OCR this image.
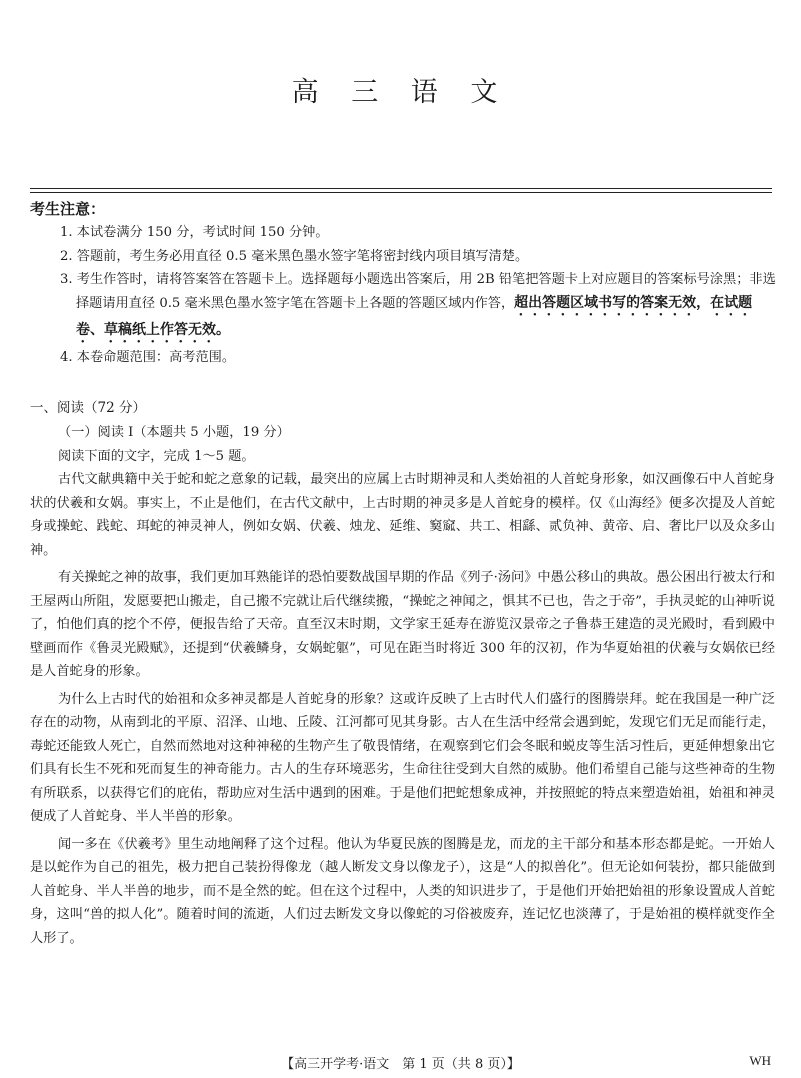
高 三 语 文
考生注意：

1. 本试卷满分 150 分，考试时间 150 分钟。

2. 答题前，考生务必用直径 0.5 毫米黑色墨水签字笔将密封线内项目填写清楚。

3. 考生作答时，请将答案答在答题卡上。选择题每小题选出答案后，用 2B 铅笔把答题卡上对应题目的答案标号涂黑；非选择题请用直径 0.5 毫米黑色墨水签字笔在答题卡上各题的答题区域内作答，超出答题区域书写的答案无效，在试题卷、草稿纸上作答无效。

4. 本卷命题范围：高考范围。

一、阅读（72 分）

（一）阅读 Ⅰ（本题共 5 小题，19 分）

阅读下面的文字，完成 1～5 题。

古代文献典籍中关于蛇和蛇之意象的记载，最突出的应属上古时期神灵和人类始祖的人首蛇身形象，如汉画像石中人首蛇身状的伏羲和女娲。事实上，不止是他们，在古代文献中，上古时期的神灵多是人首蛇身的模样。仅《山海经》便多次提及人首蛇身或操蛇、践蛇、珥蛇的神灵神人，例如女娲、伏羲、烛龙、延维、窫窳、共工、相繇、贰负神、黄帝、启、奢比尸以及众多山神。

有关操蛇之神的故事，我们更加耳熟能详的恐怕要数战国早期的作品《列子·汤问》中愚公移山的典故。愚公困出行被太行和王屋两山所阻，发愿要把山搬走，自己搬不完就让后代继续搬，“操蛇之神闻之，惧其不已也，告之于帝”，手执灵蛇的山神听说了，怕他们真的挖个不停，便报告给了天帝。直至汉末时期，文学家王延寿在游览汉景帝之子鲁恭王建造的灵光殿时，看到殿中壁画而作《鲁灵光殿赋》，还提到“伏羲鳞身，女娲蛇躯”，可见在距当时将近 300 年的汉初，作为华夏始祖的伏羲与女娲依已经是人首蛇身的形象。

为什么上古时代的始祖和众多神灵都是人首蛇身的形象？这或许反映了上古时代人们盛行的图腾崇拜。蛇在我国是一种广泛存在的动物，从南到北的平原、沼泽、山地、丘陵、江河都可见其身影。古人在生活中经常会遇到蛇，发现它们无足而能行走，毒蛇还能致人死亡，自然而然地对这种神秘的生物产生了敬畏情绪，在观察到它们会冬眠和蜕皮等生活习性后，更延伸想象出它们具有长生不死和死而复生的神奇能力。古人的生存环境恶劣，生命往往受到大自然的威胁。他们希望自己能与这些神奇的生物有所联系，以获得它们的庇佑，帮助应对生活中遇到的困难。于是他们把蛇想象成神，并按照蛇的特点来塑造始祖，始祖和神灵便成了人首蛇身、半人半兽的形象。

闻一多在《伏羲考》里生动地阐释了这个过程。他认为华夏民族的图腾是龙，而龙的主干部分和基本形态都是蛇。一开始人是以蛇作为自己的祖先，极力把自己装扮得像龙（越人断发文身以像龙子），这是“人的拟兽化”。但无论如何装扮，都只能做到人首蛇身、半人半兽的地步，而不是全然的蛇。但在这个过程中，人类的知识进步了，于是他们开始把始祖的形象设置成人首蛇身，这叫“兽的拟人化”。随着时间的流逝，人们过去断发文身以像蛇的习俗被废弃，连记忆也淡薄了，于是始祖的模样就变作全人形了。

【高三开学考·语文　第 1 页（共 8 页）】	WH
